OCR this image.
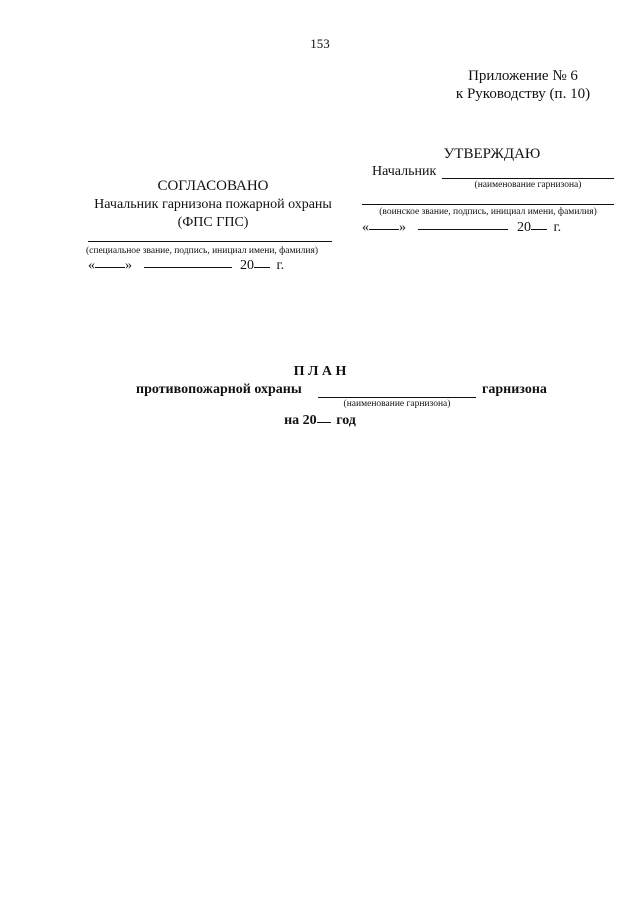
153
Приложение № 6
к Руководству (п. 10)
УТВЕРЖДАЮ
Начальник
(наименование гарнизона)
(воинское звание, подпись, инициал имени, фамилия)
« »	20 г.
СОГЛАСОВАНО
Начальник гарнизона пожарной охраны
(ФПС ГПС)
(специальное звание, подпись, инициал имени, фамилия)
« »	20 г.
П Л А Н
противопожарной охраны	гарнизона
(наименование гарнизона)
на 20 год
